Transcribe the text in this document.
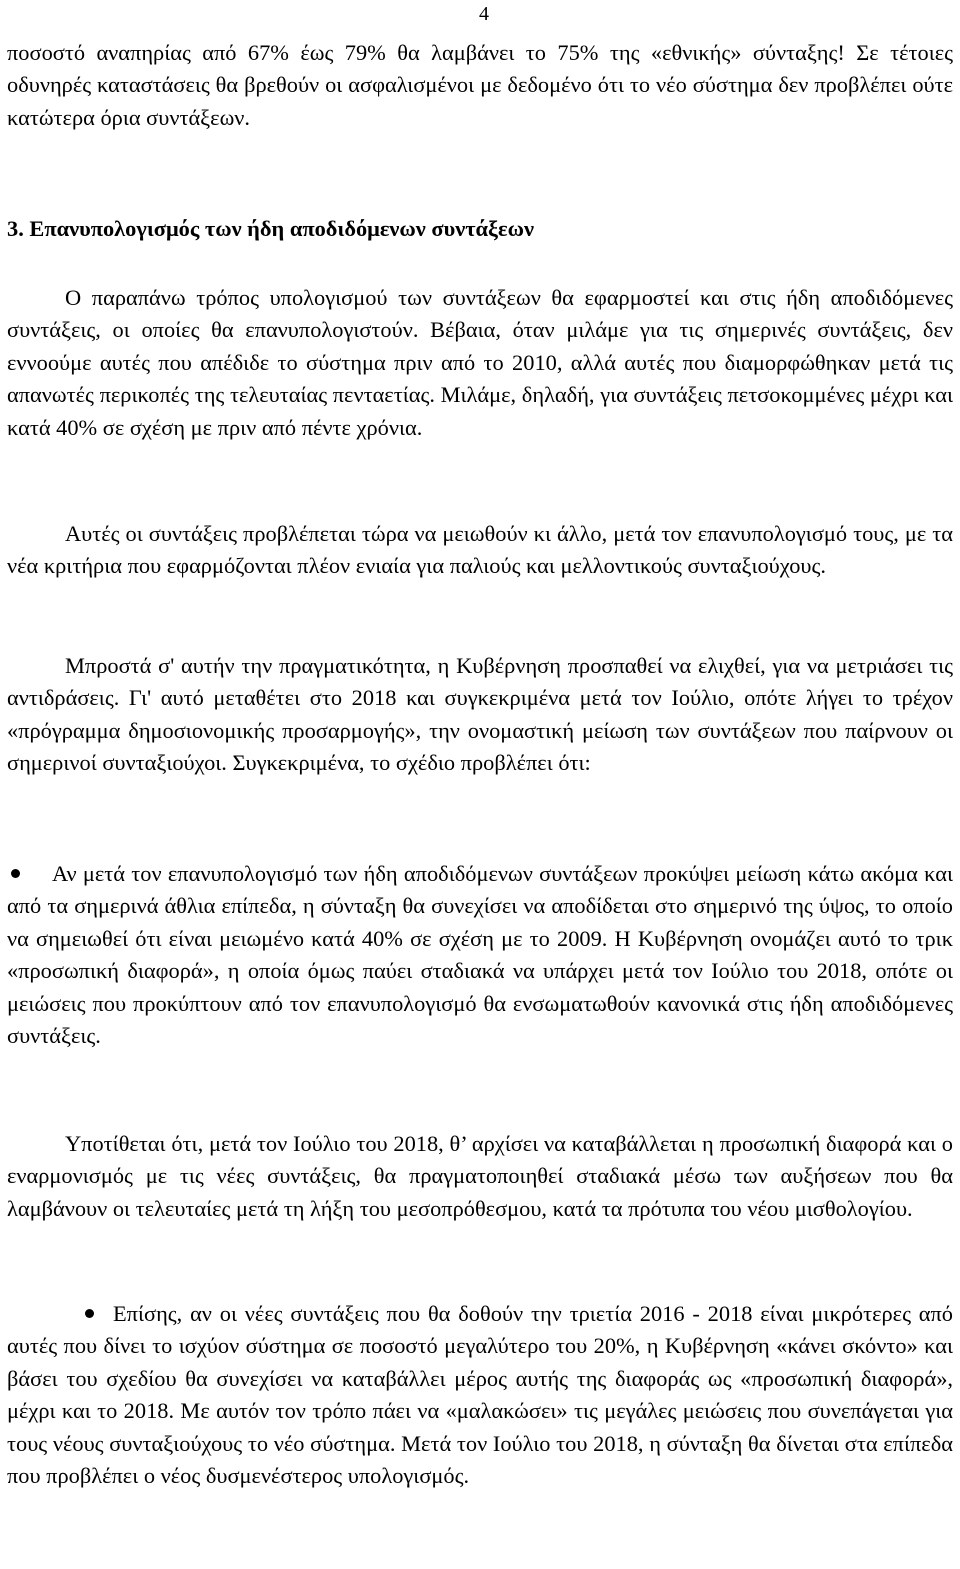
4

ποσοστό αναπηρίας από 67% έως 79% θα λαμβάνει το 75% της «εθνικής» σύνταξης! Σε τέτοιες οδυνηρές καταστάσεις θα βρεθούν οι ασφαλισμένοι με δεδομένο ότι το νέο σύστημα δεν προβλέπει ούτε κατώτερα όρια συντάξεων.

3. Επανυπολογισμός των ήδη αποδιδόμενων συντάξεων

Ο παραπάνω τρόπος υπολογισμού των συντάξεων θα εφαρμοστεί και στις ήδη αποδιδόμενες συντάξεις, οι οποίες θα επανυπολογιστούν. Βέβαια, όταν μιλάμε για τις σημερινές συντάξεις, δεν εννοούμε αυτές που απέδιδε το σύστημα πριν από το 2010, αλλά αυτές που διαμορφώθηκαν μετά τις απανωτές περικοπές της τελευταίας πενταετίας. Μιλάμε, δηλαδή, για συντάξεις πετσοκομμένες μέχρι και κατά 40% σε σχέση με πριν από πέντε χρόνια.

Αυτές οι συντάξεις προβλέπεται τώρα να μειωθούν κι άλλο, μετά τον επανυπολογισμό τους, με τα νέα κριτήρια που εφαρμόζονται πλέον ενιαία για παλιούς και μελλοντικούς συνταξιούχους.

Μπροστά σ' αυτήν την πραγματικότητα, η Κυβέρνηση προσπαθεί να ελιχθεί, για να μετριάσει τις αντιδράσεις. Γι' αυτό μεταθέτει στο 2018 και συγκεκριμένα μετά τον Ιούλιο, οπότε λήγει το τρέχον «πρόγραμμα δημοσιονομικής προσαρμογής», την ονομαστική μείωση των συντάξεων που παίρνουν οι σημερινοί συνταξιούχοι. Συγκεκριμένα, το σχέδιο προβλέπει ότι:

Αν μετά τον επανυπολογισμό των ήδη αποδιδόμενων συντάξεων προκύψει μείωση κάτω ακόμα και από τα σημερινά άθλια επίπεδα, η σύνταξη θα συνεχίσει να αποδίδεται στο σημερινό της ύψος, το οποίο να σημειωθεί ότι είναι μειωμένο κατά 40% σε σχέση με το 2009. Η Κυβέρνηση ονομάζει αυτό το τρικ «προσωπική διαφορά», η οποία όμως παύει σταδιακά να υπάρχει μετά τον Ιούλιο του 2018, οπότε οι μειώσεις που προκύπτουν από τον επανυπολογισμό θα ενσωματωθούν κανονικά στις ήδη αποδιδόμενες συντάξεις.

Υποτίθεται ότι, μετά τον Ιούλιο του 2018, θ’ αρχίσει να καταβάλλεται η προσωπική διαφορά και ο εναρμονισμός με τις νέες συντάξεις, θα πραγματοποιηθεί σταδιακά μέσω των αυξήσεων που θα λαμβάνουν οι τελευταίες μετά τη λήξη του μεσοπρόθεσμου, κατά τα πρότυπα του νέου μισθολογίου.

Επίσης, αν οι νέες συντάξεις που θα δοθούν την τριετία 2016 - 2018 είναι μικρότερες από αυτές που δίνει το ισχύον σύστημα σε ποσοστό μεγαλύτερο του 20%, η Κυβέρνηση «κάνει σκόντο» και βάσει του σχεδίου θα συνεχίσει να καταβάλλει μέρος αυτής της διαφοράς ως «προσωπική διαφορά», μέχρι και το 2018. Με αυτόν τον τρόπο πάει να «μαλακώσει» τις μεγάλες μειώσεις που συνεπάγεται για τους νέους συνταξιούχους το νέο σύστημα. Μετά τον Ιούλιο του 2018, η σύνταξη θα δίνεται στα επίπεδα που προβλέπει ο νέος δυσμενέστερος υπολογισμός.
